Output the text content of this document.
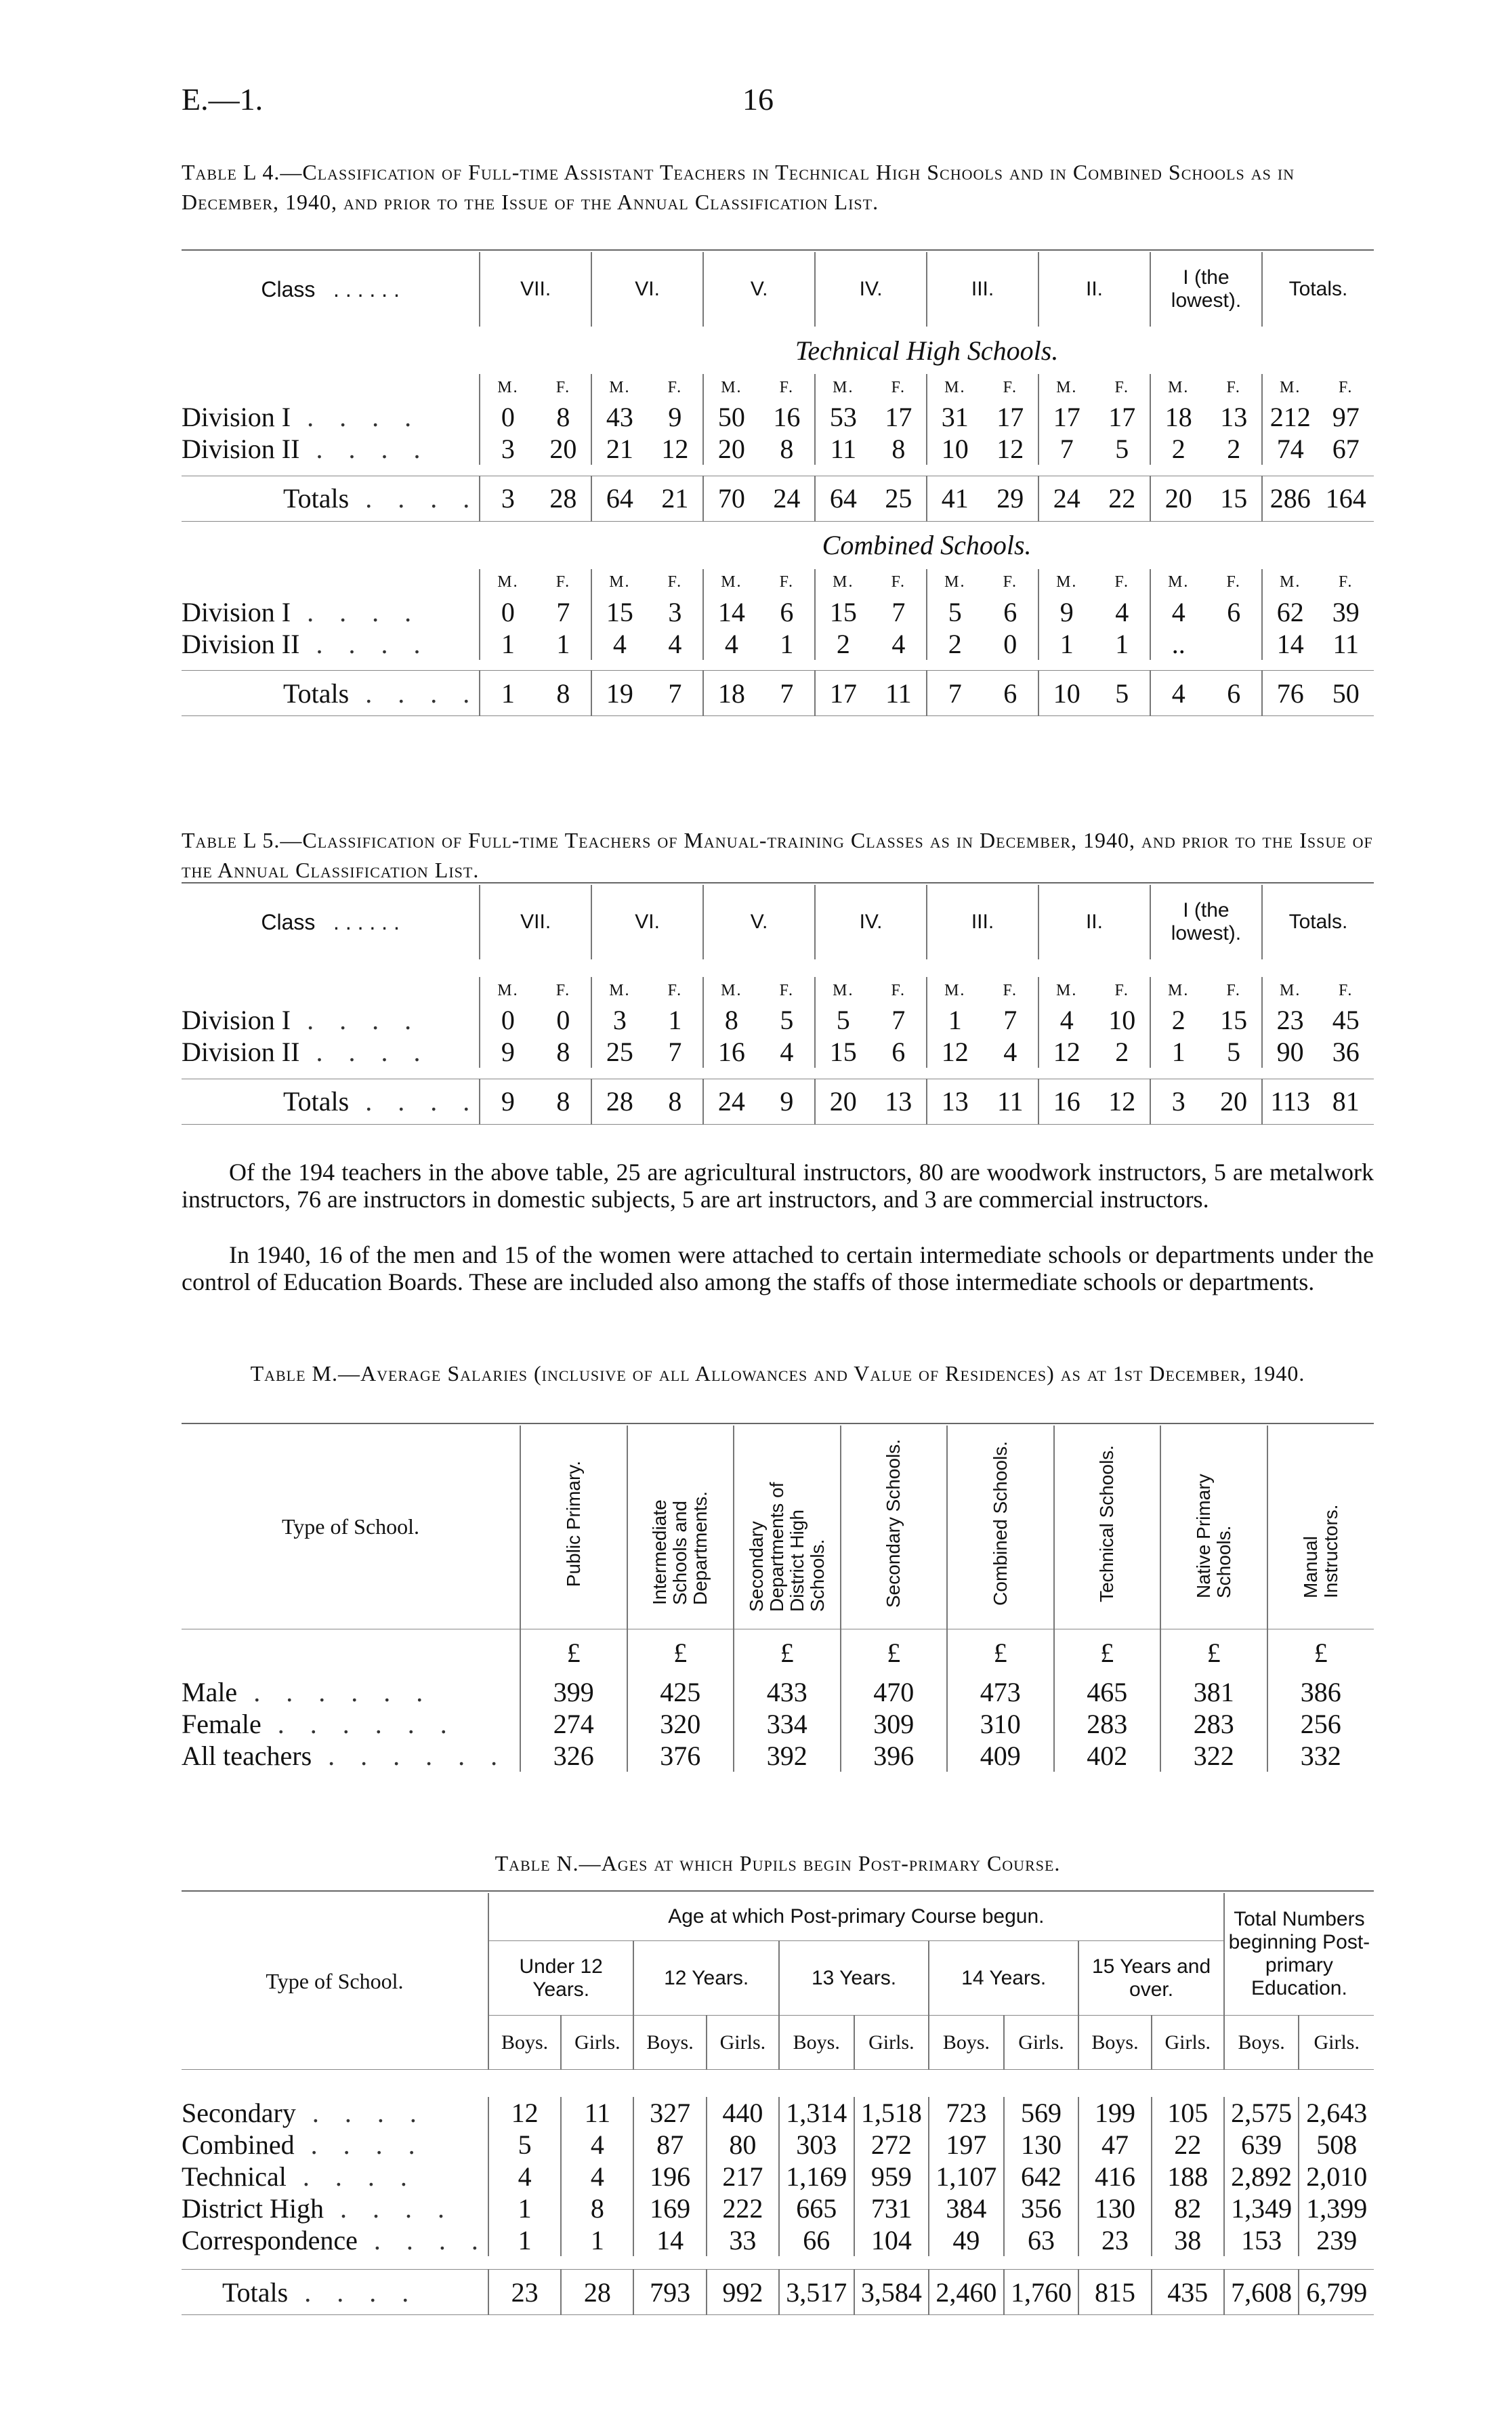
E.—1.	16
Table L 4.—Classification of Full-time Assistant Teachers in Technical High Schools and in Combined Schools as in December, 1940, and prior to the Issue of the Annual Classification List.
Class . . . . . .	VII.		VI.		V.		IV.		III.		II.		I (the lowest).		Totals.	
	Technical High Schools.															
	M.	F.	M.	F.	M.	F.	M.	F.	M.	F.	M.	F.	M.	F.	M.	F.
Division I . . . .	0	8	43	9	50	16	53	17	31	17	17	17	18	13	212	97
Division II . . . .	3	20	21	12	20	8	11	8	10	12	7	5	2	2	74	67

Totals . . . .	3	28	64	21	70	24	64	25	41	29	24	22	20	15	286	164
	Combined Schools.															
	M.	F.	M.	F.	M.	F.	M.	F.	M.	F.	M.	F.	M.	F.	M.	F.
Division I . . . .	0	7	15	3	14	6	15	7	5	6	9	4	4	6	62	39
Division II . . . .	1	1	4	4	4	1	2	4	2	0	1	1	..		14	11

Totals . . . .	1	8	19	7	18	7	17	11	7	6	10	5	4	6	76	50
Table L 5.—Classification of Full-time Teachers of Manual-training Classes as in December, 1940, and prior to the Issue of the Annual Classification List.
Class . . . . . .	VII.		VI.		V.		IV.		III.		II.		I (the lowest).		Totals.	

	M.	F.	M.	F.	M.	F.	M.	F.	M.	F.	M.	F.	M.	F.	M.	F.
Division I . . . .	0	0	3	1	8	5	5	7	1	7	4	10	2	15	23	45
Division II . . . .	9	8	25	7	16	4	15	6	12	4	12	2	1	5	90	36

Totals . . . .	9	8	28	8	24	9	20	13	13	11	16	12	3	20	113	81
Of the 194 teachers in the above table, 25 are agricultural instructors, 80 are woodwork instructors, 5 are metalwork instructors, 76 are instructors in domestic subjects, 5 are art instructors, and 3 are commercial instructors.
In 1940, 16 of the men and 15 of the women were attached to certain intermediate schools or departments under the control of Education Boards. These are included also among the staffs of those intermediate schools or departments.
Table M.—Average Salaries (inclusive of all Allowances and Value of Residences) as at 1st December, 1940.
Type of School.	Public Primary.	Intermediate Schools and Departments.	Secondary Departments of District High Schools.	Secondary Schools.	Combined Schools.	Technical Schools.	Native Primary Schools.	Manual Instructors.
	£	£	£	£	£	£	£	£
Male . . . . . .	399	425	433	470	473	465	381	386
Female . . . . . .	274	320	334	309	310	283	283	256
All teachers . . . . . .	326	376	392	396	409	402	322	332
Table N.—Ages at which Pupils begin Post-primary Course.
Type of School.	Age at which Post-primary Course begun.										Total Numbers beginning Post-primary Education.	
	Under 12 Years.		12 Years.		13 Years.		14 Years.		15 Years and over.			
	Boys.	Girls.	Boys.	Girls.	Boys.	Girls.	Boys.	Girls.	Boys.	Girls.	Boys.	Girls.

Secondary . . . .	12	11	327	440	1,314	1,518	723	569	199	105	2,575	2,643
Combined . . . .	5	4	87	80	303	272	197	130	47	22	639	508
Technical . . . .	4	4	196	217	1,169	959	1,107	642	416	188	2,892	2,010
District High . . . .	1	8	169	222	665	731	384	356	130	82	1,349	1,399
Correspondence . . . .	1	1	14	33	66	104	49	63	23	38	153	239

Totals . . . .	23	28	793	992	3,517	3,584	2,460	1,760	815	435	7,608	6,799
